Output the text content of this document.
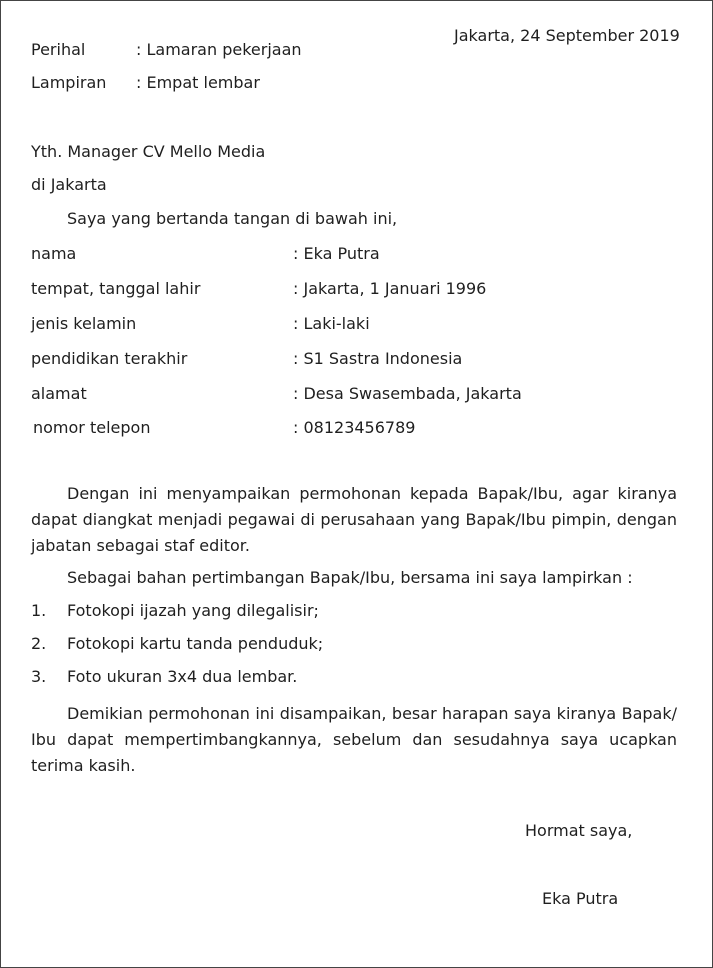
Jakarta, 24 September 2019
Perihal	: Lamaran pekerjaan
Lampiran : Empat lembar
Yth. Manager CV Mello Media
di Jakarta
Saya yang bertanda tangan di bawah ini,
nama	: Eka Putra
tempat, tanggal lahir	: Jakarta, 1 Januari 1996
jenis kelamin	: Laki-laki
pendidikan terakhir	: S1 Sastra Indonesia
alamat	: Desa Swasembada, Jakarta
nomor telepon	: 08123456789
Dengan ini menyampaikan permohonan kepada Bapak/Ibu, agar kiranya dapat diangkat menjadi pegawai di perusahaan yang Bapak/Ibu pimpin, dengan jabatan sebagai staf editor.
Sebagai bahan pertimbangan Bapak/Ibu, bersama ini saya lampirkan :
1. Fotokopi ijazah yang dilegalisir;
2. Fotokopi kartu tanda penduduk;
3. Foto ukuran 3x4 dua lembar.
Demikian permohonan ini disampaikan, besar harapan saya kiranya Bapak/ Ibu dapat mempertimbangkannya, sebelum dan sesudahnya saya ucapkan terima kasih.
Hormat saya,
Eka Putra
